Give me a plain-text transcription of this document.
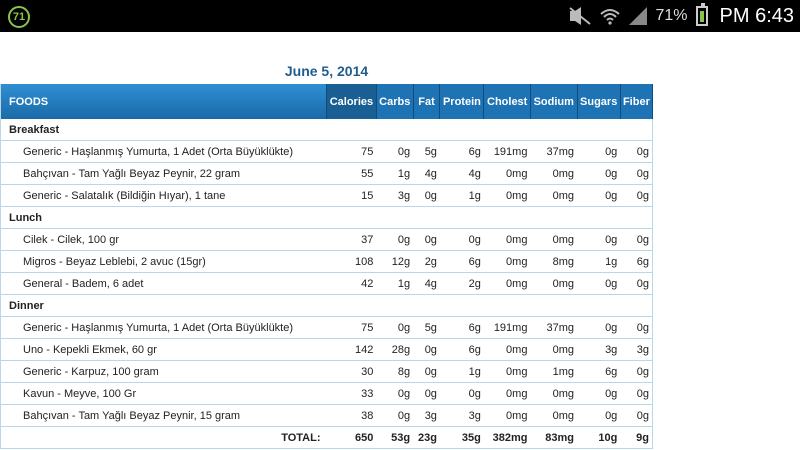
71	71% PM 6:43
June 5, 2014
FOODS	Calories	Carbs	Fat	Protein	Cholest	Sodium	Sugars	Fiber
Breakfast								
Generic - Haşlanmış Yumurta, 1 Adet (Orta Büyüklükte)	75	0g	5g	6g	191mg	37mg	0g	0g
Bahçıvan - Tam Yağlı Beyaz Peynir, 22 gram	55	1g	4g	4g	0mg	0mg	0g	0g
Generic - Salatalık (Bildiğin Hıyar), 1 tane	15	3g	0g	1g	0mg	0mg	0g	0g
Lunch								
Cilek - Cilek, 100 gr	37	0g	0g	0g	0mg	0mg	0g	0g
Migros - Beyaz Leblebi, 2 avuc (15gr)	108	12g	2g	6g	0mg	8mg	1g	6g
General - Badem, 6 adet	42	1g	4g	2g	0mg	0mg	0g	0g
Dinner								
Generic - Haşlanmış Yumurta, 1 Adet (Orta Büyüklükte)	75	0g	5g	6g	191mg	37mg	0g	0g
Uno - Kepekli Ekmek, 60 gr	142	28g	0g	6g	0mg	0mg	3g	3g
Generic - Karpuz, 100 gram	30	8g	0g	1g	0mg	1mg	6g	0g
Kavun - Meyve, 100 Gr	33	0g	0g	0g	0mg	0mg	0g	0g
Bahçıvan - Tam Yağlı Beyaz Peynir, 15 gram	38	0g	3g	3g	0mg	0mg	0g	0g
TOTAL:	650	53g	23g	35g	382mg	83mg	10g	9g
